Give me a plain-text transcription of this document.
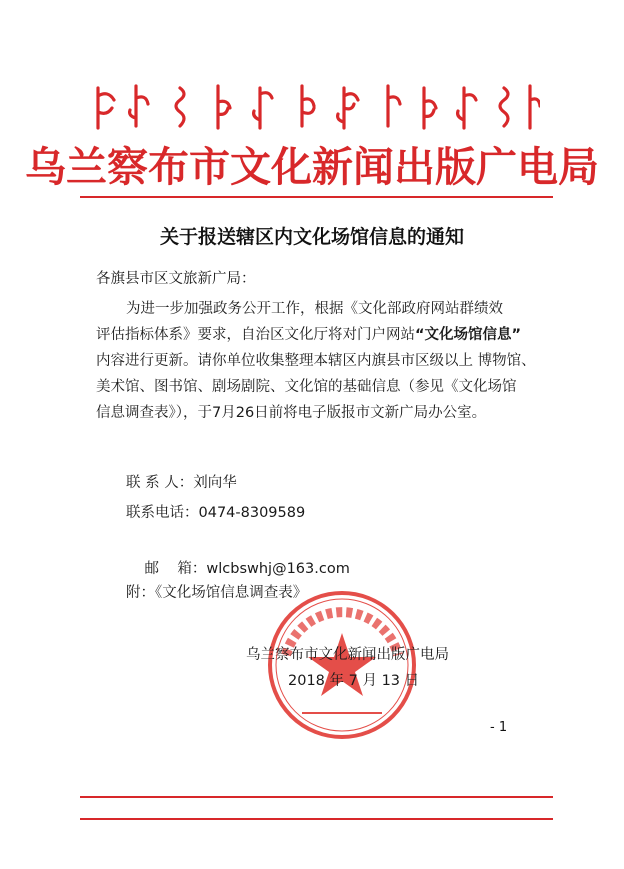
乌兰察布市文化新闻出版广电局
关于报送辖区内文化场馆信息的通知
各旗县市区文旅新广局：
为进一步加强政务公开工作，根据《文化部政府网站群绩效
评估指标体系》要求，自治区文化厅将对门户网站“文化场馆信息”
内容进行更新。请你单位收集整理本辖区内旗县市区级以上 博物馆、
美术馆、图书馆、剧场剧院、文化馆的基础信息（参见《文化场馆
信息调查表》），于7月26日前将电子版报市文新广局办公室。
联 系 人：刘向华
联系电话：0474-8309589

邮    箱：wlcbswhj@163.com

附：《文化场馆信息调查表》
乌兰察布市文化新闻出版广电局
2018 年 7 月 13 日
- 1
